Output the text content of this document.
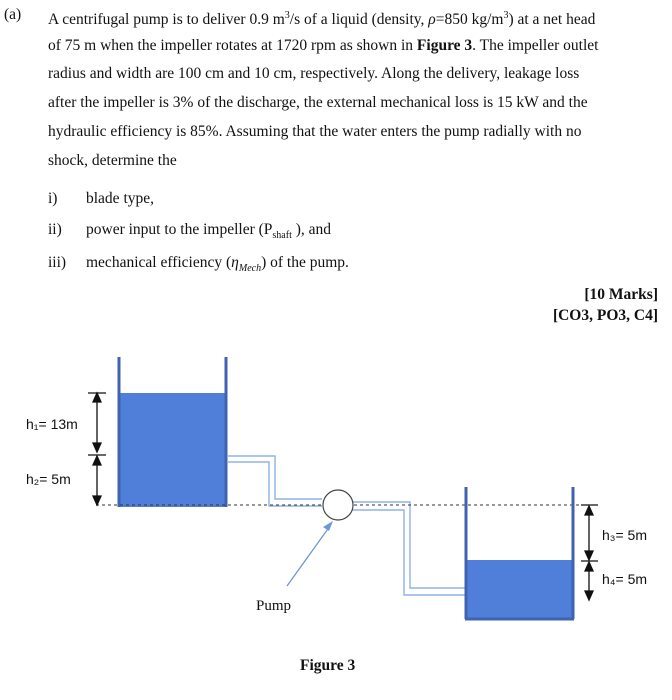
(a) A centrifugal pump is to deliver 0.9 $m^3/s$ of a liquid (density, ρ=850 $kg/m^3$) at a net head
of 75 m when the impeller rotates at 1720 rpm as shown in Figure 3. The impeller outlet
radius and width are 100 cm and 10 cm, respectively. Along the delivery, leakage loss
after the impeller is 3% of the discharge, the external mechanical loss is 15 kW and the
hydraulic efficiency is 85%. Assuming that the water enters the pump radially with no
shock, determine the
i) blade type,
ii) power input to the impeller ($P_{shaft}$ ), and
iii) mechanical efficiency $(\eta_{Mech})$ of the pump.
[10 Marks]
[CO3, PO3, C4]
h₁= 13m
h₂= 5m
h₃= 5m
h₄= 5m
Pump
Figure 3
